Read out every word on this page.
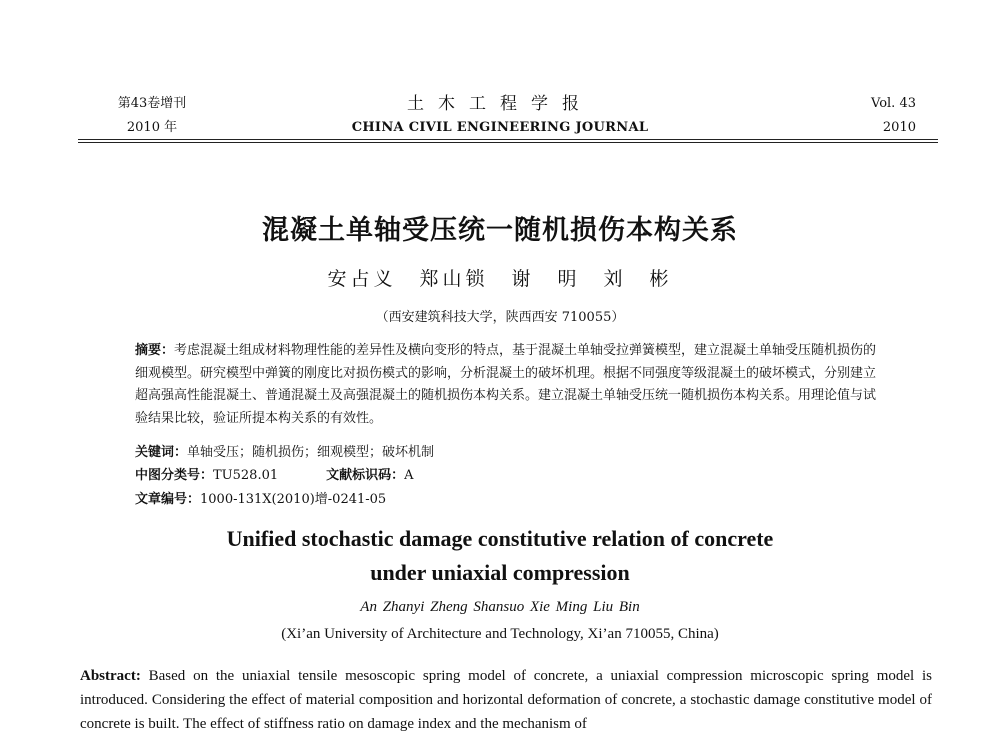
第43卷增刊
2010 年
土木工程学报
CHINA CIVIL ENGINEERING JOURNAL
Vol. 43
2010
混凝土单轴受压统一随机损伤本构关系
安占义　郑山锁　谢　明　刘　彬
（西安建筑科技大学，陕西西安 710055）
摘要：考虑混凝土组成材料物理性能的差异性及横向变形的特点，基于混凝土单轴受拉弹簧模型，建立混凝土单轴受压随机损伤的细观模型。研究模型中弹簧的刚度比对损伤模式的影响，分析混凝土的破坏机理。根据不同强度等级混凝土的破坏模式，分别建立超高强高性能混凝土、普通混凝土及高强混凝土的随机损伤本构关系。建立混凝土单轴受压统一随机损伤本构关系。用理论值与试验结果比较，验证所提本构关系的有效性。
关键词：单轴受压；随机损伤；细观模型；破坏机制
中图分类号：TU528.01	文献标识码：A
文章编号：1000-131X(2010)增-0241-05
Unified stochastic damage constitutive relation of concrete
under uniaxial compression
An Zhanyi Zheng Shansuo Xie Ming Liu Bin
(Xi’an University of Architecture and Technology, Xi’an 710055, China)
Abstract: Based on the uniaxial tensile mesoscopic spring model of concrete, a uniaxial compression microscopic spring model is introduced. Considering the effect of material composition and horizontal deformation of concrete, a stochastic damage constitutive model of concrete is built. The effect of stiffness ratio on damage index and the mechanism of
